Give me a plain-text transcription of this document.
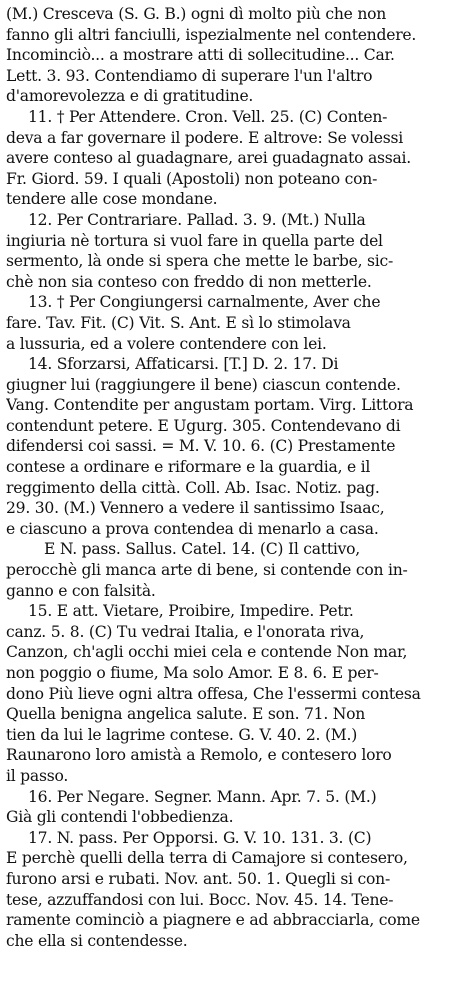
(M.) Cresceva (S. G. B.) ogni dì molto più che non
fanno gli altri fanciulli, ispezialmente nel contendere.
Incominciò... a mostrare atti di sollecitudine... Car.
Lett. 3. 93. Contendiamo di superare l'un l'altro
d'amorevolezza e di gratitudine.
11. † Per Attendere. Cron. Vell. 25. (C) Conten-
deva a far governare il podere. E altrove: Se volessi
avere conteso al guadagnare, arei guadagnato assai.
Fr. Giord. 59. I quali (Apostoli) non poteano con-
tendere alle cose mondane.
12. Per Contrariare. Pallad. 3. 9. (Mt.) Nulla
ingiuria nè tortura si vuol fare in quella parte del
sermento, là onde si spera che mette le barbe, sic-
chè non sia conteso con freddo di non metterle.
13. † Per Congiungersi carnalmente, Aver che
fare. Tav. Fit. (C) Vit. S. Ant. E sì lo stimolava
a lussuria, ed a volere contendere con lei.
14. Sforzarsi, Affaticarsi. [T.] D. 2. 17. Di
giugner lui (raggiungere il bene) ciascun contende.
Vang. Contendite per angustam portam. Virg. Littora
contendunt petere. E Ugurg. 305. Contendevano di
difendersi coi sassi. = M. V. 10. 6. (C) Prestamente
contese a ordinare e riformare e la guardia, e il
reggimento della città. Coll. Ab. Isac. Notiz. pag.
29. 30. (M.) Vennero a vedere il santissimo Isaac,
e ciascuno a prova contendea di menarlo a casa.
E N. pass. Sallus. Catel. 14. (C) Il cattivo,
perocchè gli manca arte di bene, si contende con in-
ganno e con falsità.
15. E att. Vietare, Proibire, Impedire. Petr.
canz. 5. 8. (C) Tu vedrai Italia, e l'onorata riva,
Canzon, ch'agli occhi miei cela e contende Non mar,
non poggio o fiume, Ma solo Amor. E 8. 6. E per-
dono Più lieve ogni altra offesa, Che l'essermi contesa
Quella benigna angelica salute. E son. 71. Non
tien da lui le lagrime contese. G. V. 40. 2. (M.)
Raunarono loro amistà a Remolo, e contesero loro
il passo.
16. Per Negare. Segner. Mann. Apr. 7. 5. (M.)
Già gli contendi l'obbedienza.
17. N. pass. Per Opporsi. G. V. 10. 131. 3. (C)
E perchè quelli della terra di Camajore si contesero,
furono arsi e rubati. Nov. ant. 50. 1. Quegli si con-
tese, azzuffandosi con lui. Bocc. Nov. 45. 14. Tene-
ramente cominciò a piagnere e ad abbracciarla, come
che ella si contendesse.
